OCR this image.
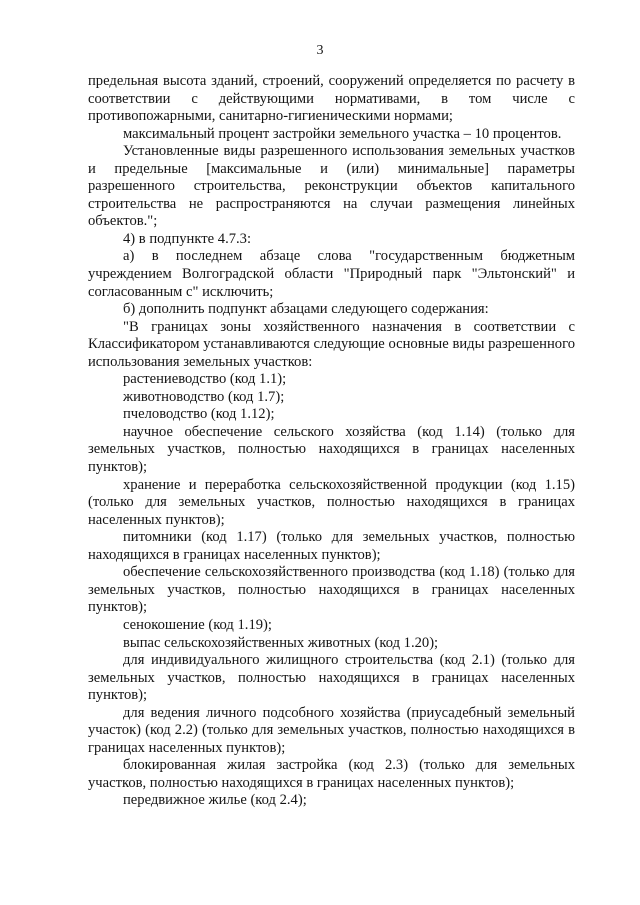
3

предельная высота зданий, строений, сооружений определяется по расчету в соответствии с действующими нормативами, в том числе с противопожарными, санитарно-гигиеническими нормами;

максимальный процент застройки земельного участка – 10 процентов.

Установленные виды разрешенного использования земельных участков и предельные [максимальные и (или) минимальные] параметры разрешенного строительства, реконструкции объектов капитального строительства не распространяются на случаи размещения линейных объектов.";

4) в подпункте 4.7.3:

а) в последнем абзаце слова "государственным бюджетным учреждением Волгоградской области "Природный парк "Эльтонский" и согласованным с" исключить;

б) дополнить подпункт абзацами следующего содержания:

"В границах зоны хозяйственного назначения в соответствии с Классификатором устанавливаются следующие основные виды разрешенного использования земельных участков:

растениеводство (код 1.1);

животноводство (код 1.7);

пчеловодство (код 1.12);

научное обеспечение сельского хозяйства (код 1.14) (только для земельных участков, полностью находящихся в границах населенных пунктов);

хранение и переработка сельскохозяйственной продукции (код 1.15) (только для земельных участков, полностью находящихся в границах населенных пунктов);

питомники (код 1.17) (только для земельных участков, полностью находящихся в границах населенных пунктов);

обеспечение сельскохозяйственного производства (код 1.18) (только для земельных участков, полностью находящихся в границах населенных пунктов);

сенокошение (код 1.19);

выпас сельскохозяйственных животных (код 1.20);

для индивидуального жилищного строительства (код 2.1) (только для земельных участков, полностью находящихся в границах населенных пунктов);

для ведения личного подсобного хозяйства (приусадебный земельный участок) (код 2.2) (только для земельных участков, полностью находящихся в границах населенных пунктов);

блокированная жилая застройка (код 2.3) (только для земельных участков, полностью находящихся в границах населенных пунктов);

передвижное жилье (код 2.4);
